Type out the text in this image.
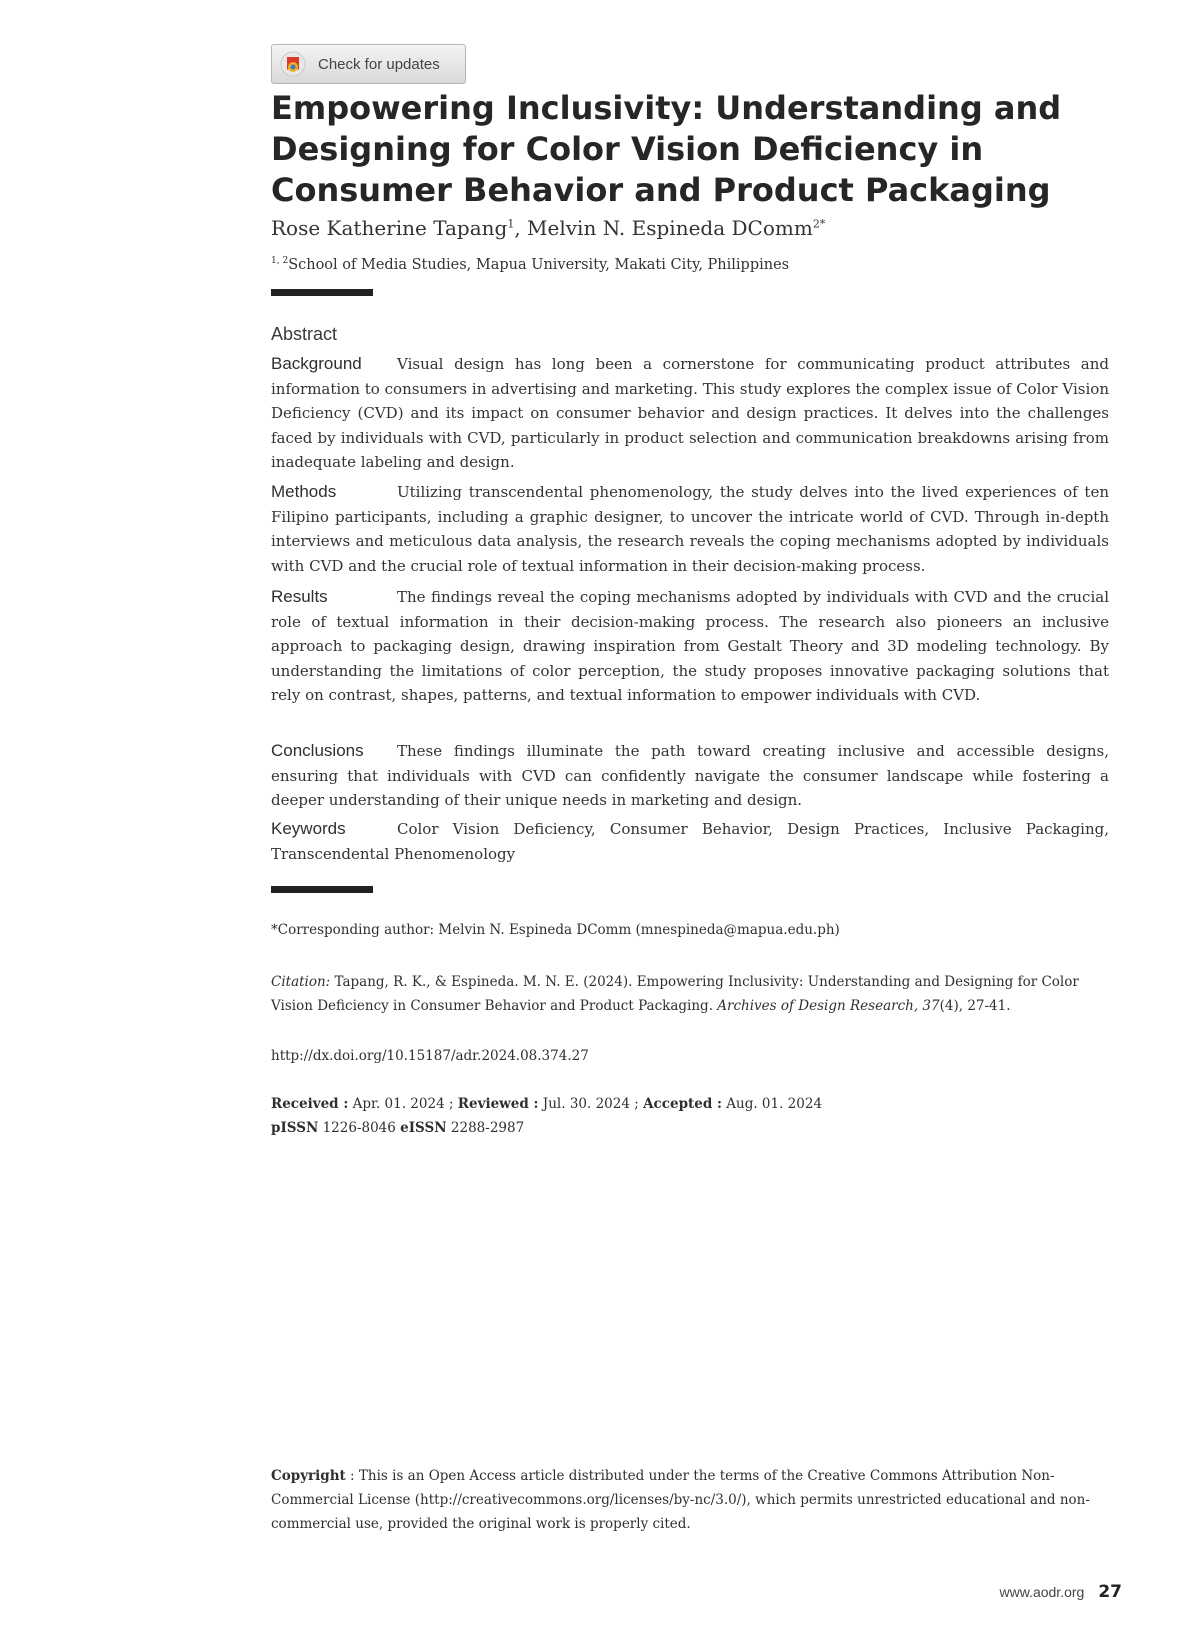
Check for updates
Empowering Inclusivity: Understanding and Designing for Color Vision Deficiency in Consumer Behavior and Product Packaging
Rose Katherine Tapang$^1$, Melvin N. Espineda DComm$^{2*}$
$^{1, 2}$School of Media Studies, Mapua University, Makati City, Philippines
Abstract
Background Visual design has long been a cornerstone for communicating product attributes and information to consumers in advertising and marketing. This study explores the complex issue of Color Vision Deficiency (CVD) and its impact on consumer behavior and design practices. It delves into the challenges faced by individuals with CVD, particularly in product selection and communication breakdowns arising from inadequate labeling and design.
Methods	Utilizing transcendental phenomenology, the study delves into the lived experiences of ten Filipino participants, including a graphic designer, to uncover the intricate world of CVD. Through in-depth interviews and meticulous data analysis, the research reveals the coping mechanisms adopted by individuals with CVD and the crucial role of textual information in their decision-making process.
Results	The findings reveal the coping mechanisms adopted by individuals with CVD and the crucial role of textual information in their decision-making process. The research also pioneers an inclusive approach to packaging design, drawing inspiration from Gestalt Theory and 3D modeling technology. By understanding the limitations of color perception, the study proposes innovative packaging solutions that rely on contrast, shapes, patterns, and textual information to empower individuals with CVD.
Conclusions These findings illuminate the path toward creating inclusive and accessible designs, ensuring that individuals with CVD can confidently navigate the consumer landscape while fostering a deeper understanding of their unique needs in marketing and design.
Keywords	Color Vision Deficiency, Consumer Behavior, Design Practices, Inclusive Packaging, Transcendental Phenomenology
*Corresponding author: Melvin N. Espineda DComm (mnespineda@mapua.edu.ph)
Citation: Tapang, R. K., & Espineda. M. N. E. (2024). Empowering Inclusivity: Understanding and Designing for Color Vision Deficiency in Consumer Behavior and Product Packaging. Archives of Design Research, 37(4), 27-41.
http://dx.doi.org/10.15187/adr.2024.08.374.27
Received : Apr. 01. 2024 ; Reviewed : Jul. 30. 2024 ; Accepted : Aug. 01. 2024
pISSN 1226-8046 eISSN 2288-2987
Copyright : This is an Open Access article distributed under the terms of the Creative Commons Attribution Non-Commercial License (http://creativecommons.org/licenses/by-nc/3.0/), which permits unrestricted educational and non-commercial use, provided the original work is properly cited.
www.aodr.org 27
